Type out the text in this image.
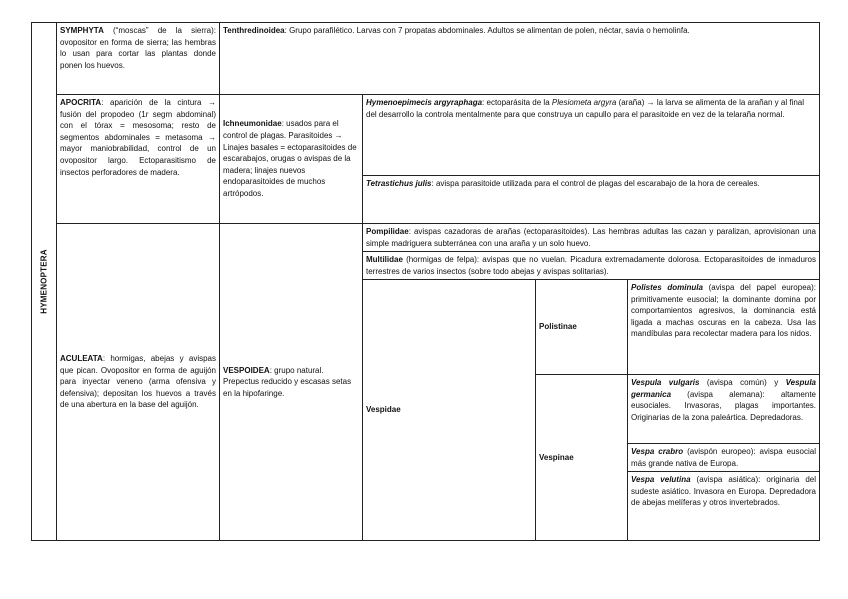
HYMENOPTERA
SYMPHYTA (“moscas” de la sierra): ovopositor en forma de sierra; las hembras lo usan para cortar las plantas donde ponen los huevos.
Tenthredinoidea: Grupo parafilético. Larvas con 7 propatas abdominales. Adultos se alimentan de polen, néctar, savia o hemolinfa.
APOCRITA: aparición de la cintura → fusión del propodeo (1r segm abdominal) con el tórax = mesosoma; resto de segmentos abdominales = metasoma → mayor maniobrabilidad, control de un ovopositor largo. Ectoparasitismo de insectos perforadores de madera.
Ichneumonidae: usados para el control de plagas. Parasitoides → Linajes basales = ectoparasitoides de escarabajos, orugas o avispas de la madera; linajes nuevos endoparasitoides de muchos artrópodos.
Hymenoepimecis argyraphaga: ectoparásita de la Plesiometa argyra (araña) → la larva se alimenta de la arañan y al final del desarrollo la controla mentalmente para que construya un capullo para el parasitoide en vez de la telaraña normal.
Tetrastichus julis: avispa parasitoide utilizada para el control de plagas del escarabajo de la hora de cereales.
ACULEATA: hormigas, abejas y avispas que pican. Ovopositor en forma de aguijón para inyectar veneno (arma ofensiva y defensiva); depositan los huevos a través de una abertura en la base del aguijón.
VESPOIDEA: grupo natural. Prepectus reducido y escasas setas en la hipofaringe.
Pompilidae: avispas cazadoras de arañas (ectoparasitoides). Las hembras adultas las cazan y paralizan, aprovisionan una simple madriguera subterránea con una araña y un solo huevo.
Multilidae (hormigas de felpa): avispas que no vuelan. Picadura extremadamente dolorosa. Ectoparasitoides de inmaduros terrestres de varios insectos (sobre todo abejas y avispas solitarias).
Vespidae
Polistinae
Polistes dominula (avispa del papel europea): primitivamente eusocial; la dominante domina por comportamientos agresivos, la dominancia está ligada a machas oscuras en la cabeza. Usa las mandíbulas para recolectar madera para los nidos.
Vespinae
Vespula vulgaris (avispa común) y Vespula germanica (avispa alemana): altamente eusociales. Invasoras, plagas importantes. Originarias de la zona paleártica. Depredadoras.
Vespa crabro (avispón europeo): avispa eusocial más grande nativa de Europa.
Vespa velutina (avispa asiática): originaria del sudeste asiático. Invasora en Europa. Depredadora de abejas melíferas y otros invertebrados.
